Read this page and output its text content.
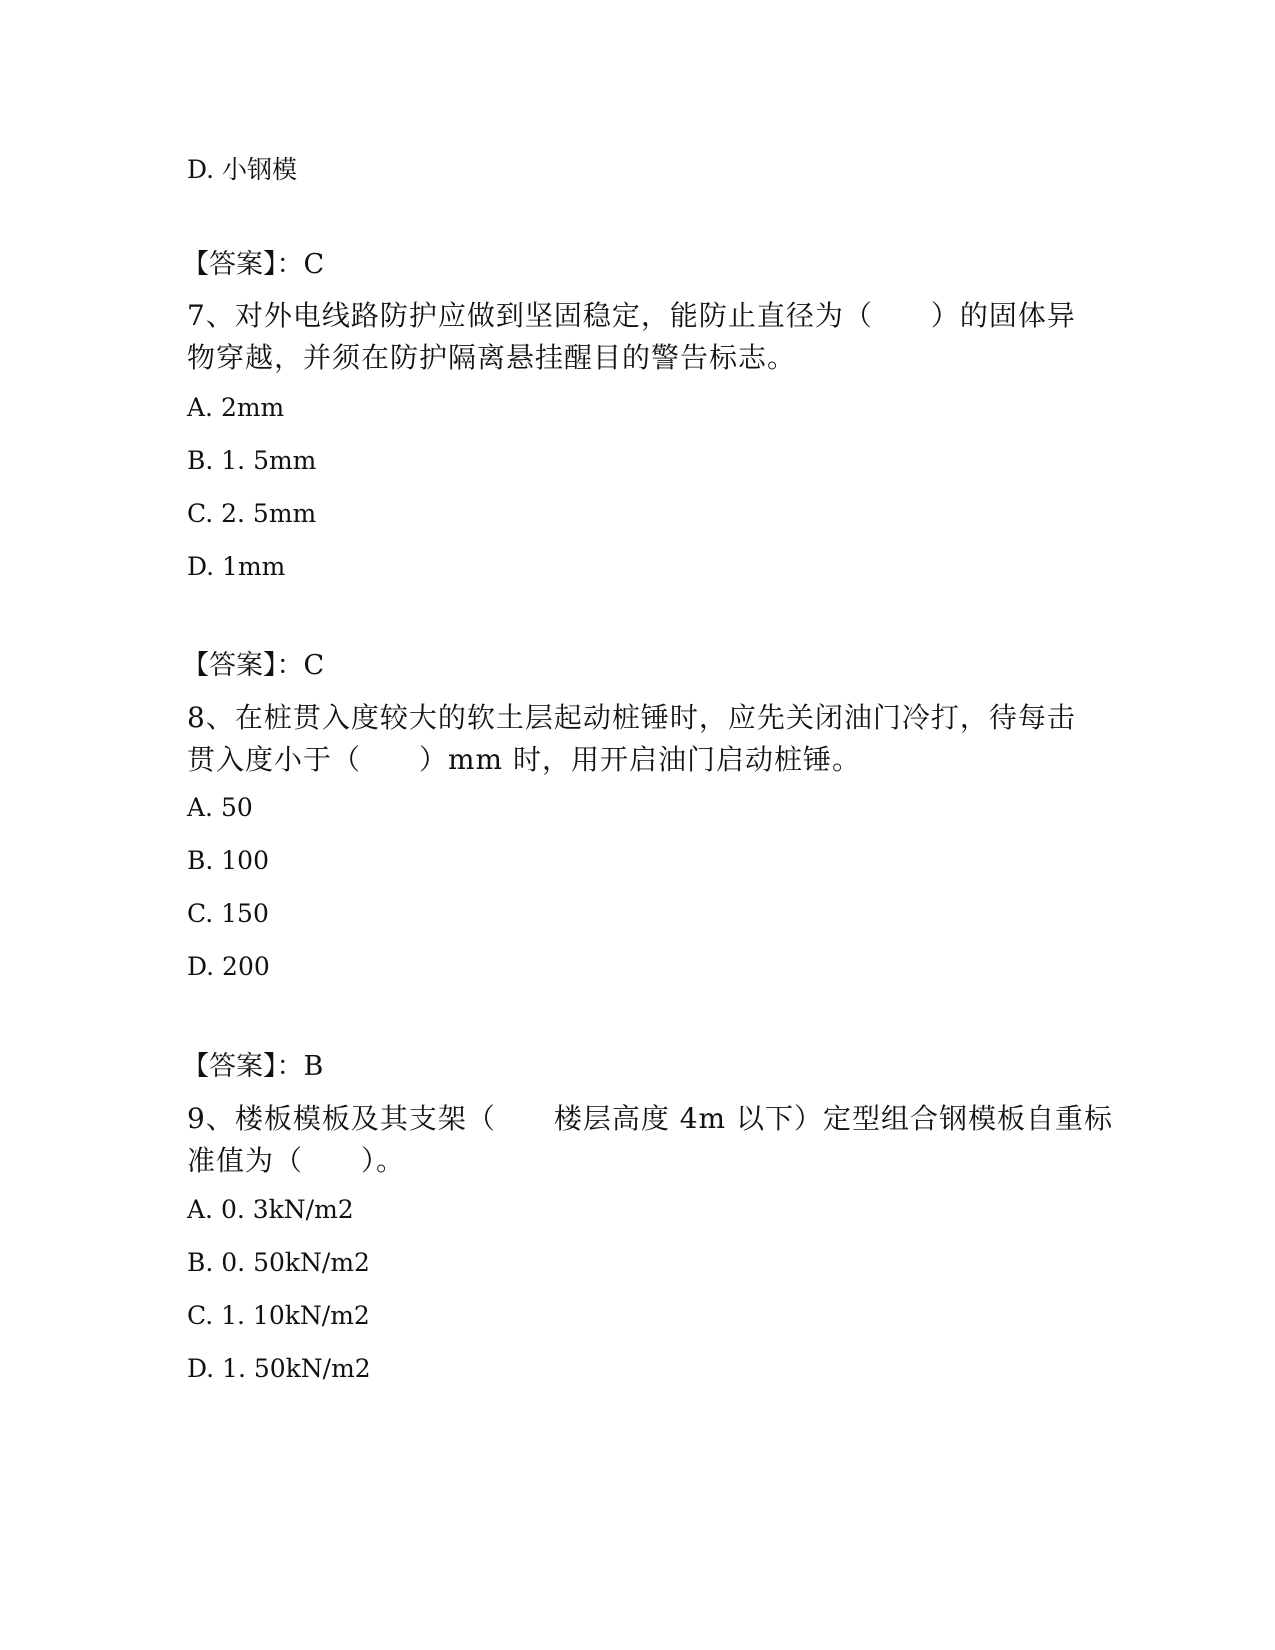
D. 小钢模

【答案】：C

7、对外电线路防护应做到坚固稳定，能防止直径为（　　）的固体异

物穿越，并须在防护隔离悬挂醒目的警告标志。

A. 2mm

B. 1. 5mm

C. 2. 5mm

D. 1mm

【答案】：C

8、在桩贯入度较大的软土层起动桩锤时，应先关闭油门冷打，待每击

贯入度小于（　　）mm 时，用开启油门启动桩锤。

A. 50

B. 100

C. 150

D. 200

【答案】：B

9、楼板模板及其支架（　　楼层高度 4m 以下）定型组合钢模板自重标

准值为（　　）。

A. 0. 3kN/m2

B. 0. 50kN/m2

C. 1. 10kN/m2

D. 1. 50kN/m2
